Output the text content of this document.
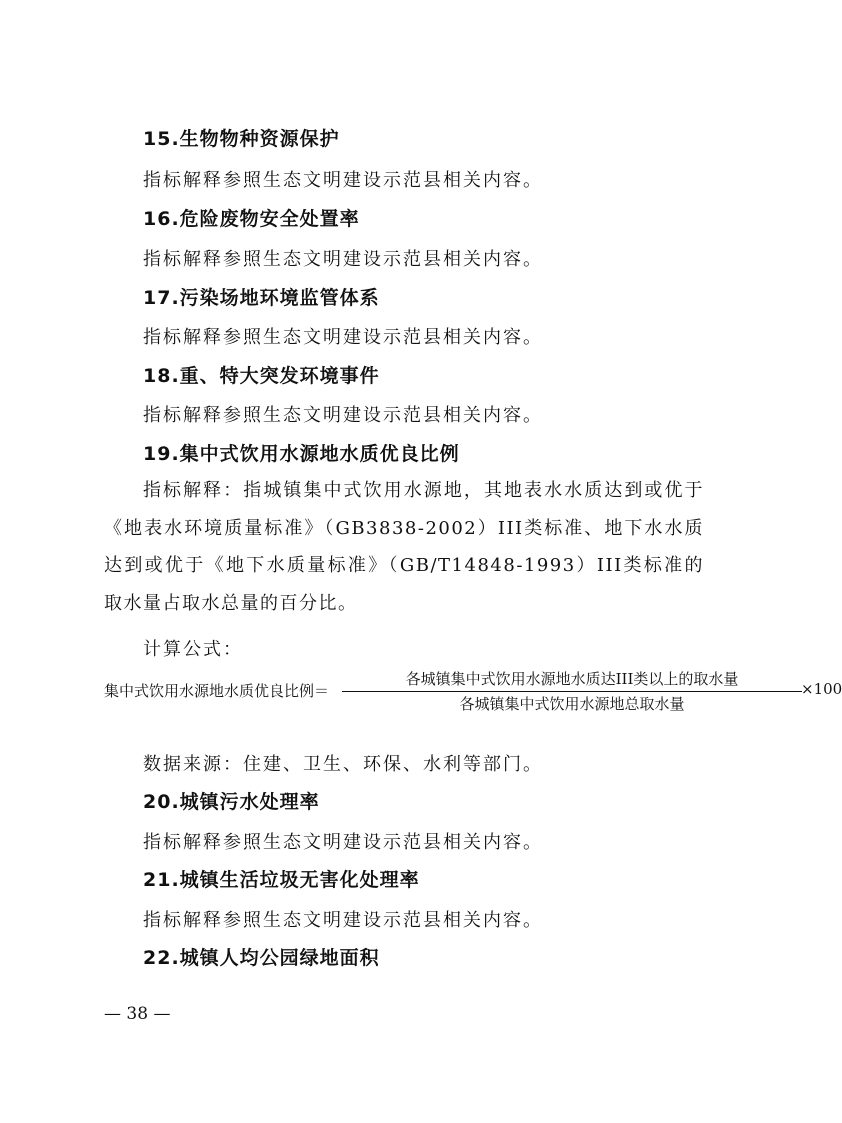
15.生物物种资源保护
指标解释参照生态文明建设示范县相关内容。
16.危险废物安全处置率
指标解释参照生态文明建设示范县相关内容。
17.污染场地环境监管体系
指标解释参照生态文明建设示范县相关内容。
18.重、特大突发环境事件
指标解释参照生态文明建设示范县相关内容。
19.集中式饮用水源地水质优良比例
指标解释：指城镇集中式饮用水源地，其地表水水质达到或优于《地表水环境质量标准》（GB3838-2002）III类标准、地下水水质达到或优于《地下水质量标准》（GB/T14848-1993）III类标准的取水量占取水总量的百分比。
计算公式：
集中式饮用水源地水质优良比例＝
各城镇集中式饮用水源地水质达III类以上的取水量
各城镇集中式饮用水源地总取水量
×100
数据来源：住建、卫生、环保、水利等部门。
20.城镇污水处理率
指标解释参照生态文明建设示范县相关内容。
21.城镇生活垃圾无害化处理率
指标解释参照生态文明建设示范县相关内容。
22.城镇人均公园绿地面积
— 38 —
